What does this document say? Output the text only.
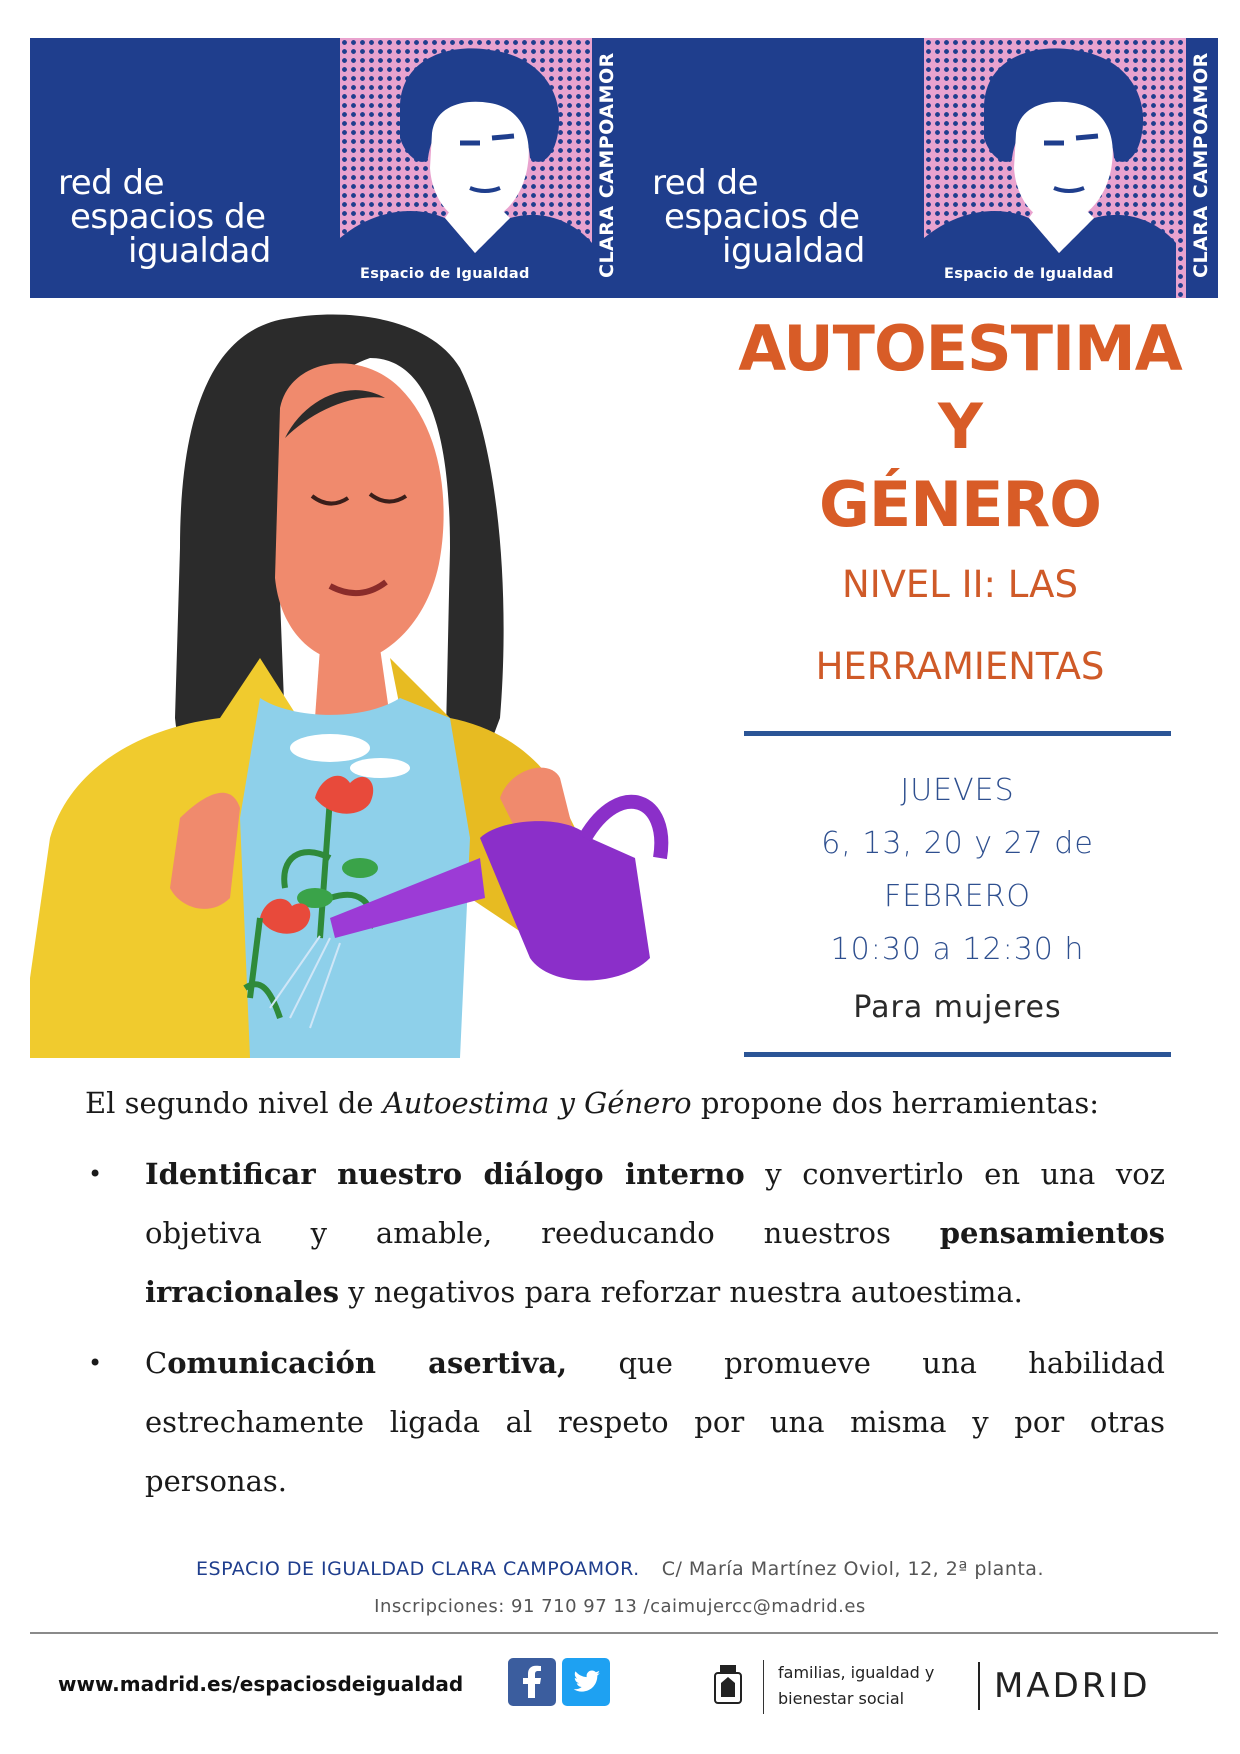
red de
espacios de
igualdad
Espacio de Igualdad	CLARA CAMPOAMOR red de
espacios de
igualdad
Espacio de Igualdad	CLARA CAMPOAMOR
AUTOESTIMA
Y
GÉNERO
NIVEL II: LAS
HERRAMIENTAS
JUEVES
6, 13, 20 y 27 de
FEBRERO
10:30 a 12:30 h
Para mujeres
El segundo nivel de Autoestima y Género propone dos herramientas:
• Identificar nuestro diálogo interno y convertirlo en una voz objetiva y amable, reeducando nuestros pensamientos irracionales y negativos para reforzar nuestra autoestima.
• Comunicación asertiva, que promueve una habilidad estrechamente ligada al respeto por una misma y por otras personas.
ESPACIO DE IGUALDAD CLARA CAMPOAMOR. C/ María Martínez Oviol, 12, 2ª planta.
Inscripciones: 91 710 97 13 /caimujercc@madrid.es
www.madrid.es/espaciosdeigualdad	familias, igualdad y
bienestar social	MADRID
